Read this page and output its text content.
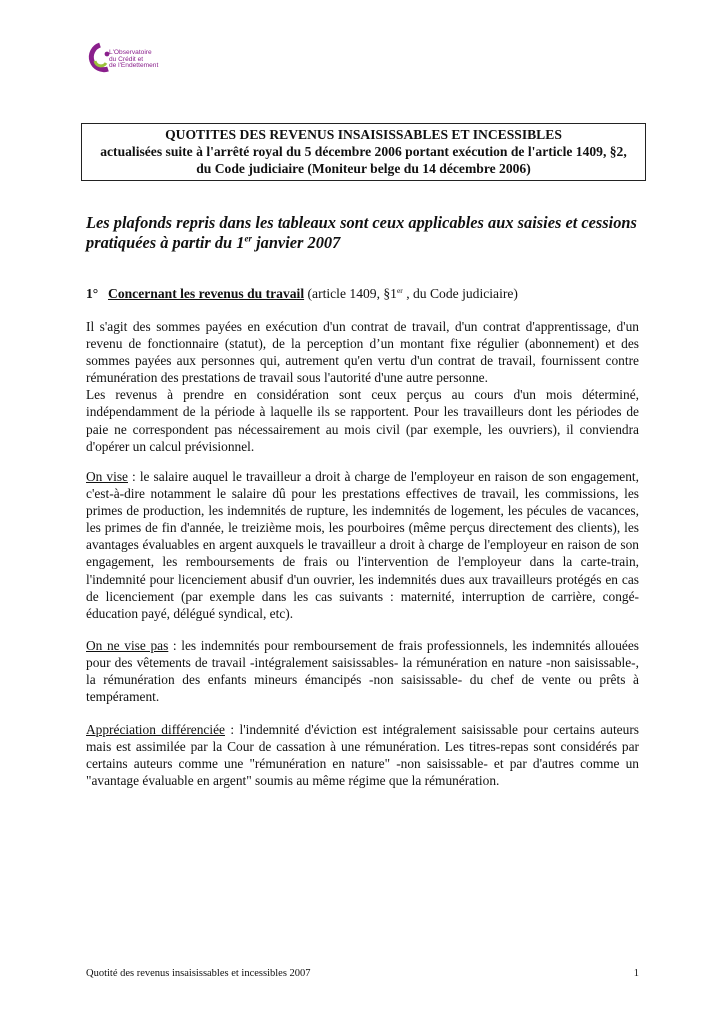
L'Observatoire
du Crédit et
de l'Endettement
QUOTITES DES REVENUS INSAISISSABLES ET INCESSIBLES
actualisées suite à l'arrêté royal du 5 décembre 2006 portant exécution de l'article 1409, §2,
du Code judiciaire (Moniteur belge du 14 décembre 2006)
Les plafonds repris dans les tableaux sont ceux applicables aux saisies et cessions
pratiquées à partir du 1er janvier 2007
1° Concernant les revenus du travail (article 1409, §1er , du Code judiciaire)

Il s'agit des sommes payées en exécution d'un contrat de travail, d'un contrat d'apprentissage, d'un revenu de fonctionnaire (statut), de la perception d’un montant fixe régulier (abonnement) et des sommes payées aux personnes qui, autrement qu'en vertu d'un contrat de travail, fournissent contre rémunération des prestations de travail sous l'autorité d'une autre personne.

Les revenus à prendre en considération sont ceux perçus au cours d'un mois déterminé, indépendamment de la période à laquelle ils se rapportent. Pour les travailleurs dont les périodes de paie ne correspondent pas nécessairement au mois civil (par exemple, les ouvriers), il conviendra d'opérer un calcul prévisionnel.

On vise : le salaire auquel le travailleur a droit à charge de l'employeur en raison de son engagement, c'est-à-dire notamment le salaire dû pour les prestations effectives de travail, les commissions, les primes de production, les indemnités de rupture, les indemnités de logement, les pécules de vacances, les primes de fin d'année, le treizième mois, les pourboires (même perçus directement des clients), les avantages évaluables en argent auxquels le travailleur a droit à charge de l'employeur en raison de son engagement, les remboursements de frais ou l'intervention de l'employeur dans la carte-train, l'indemnité pour licenciement abusif d'un ouvrier, les indemnités dues aux travailleurs protégés en cas de licenciement (par exemple dans les cas suivants : maternité, interruption de carrière, congé-éducation payé, délégué syndical, etc).

On ne vise pas : les indemnités pour remboursement de frais professionnels, les indemnités allouées pour des vêtements de travail -intégralement saisissables- la rémunération en nature -non saisissable-, la rémunération des enfants mineurs émancipés -non saisissable- du chef de vente ou prêts à tempérament.

Appréciation différenciée : l'indemnité d'éviction est intégralement saisissable pour certains auteurs mais est assimilée par la Cour de cassation à une rémunération. Les titres-repas sont considérés par certains auteurs comme une "rémunération en nature" -non saisissable- et par d'autres comme un "avantage évaluable en argent" soumis au même régime que la rémunération.

Quotité des revenus insaisissables et incessibles 2007	1
